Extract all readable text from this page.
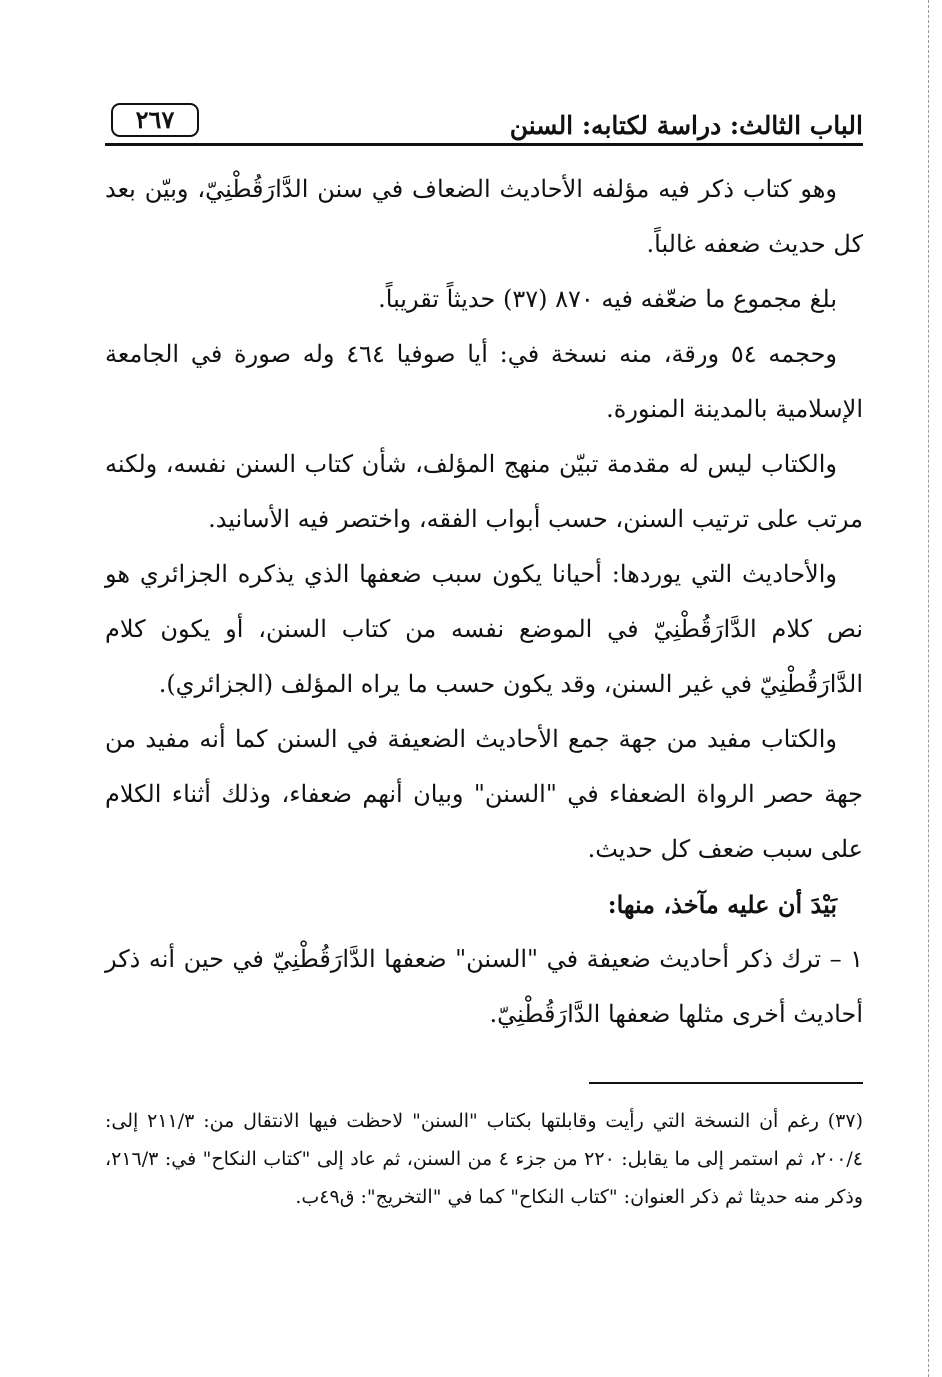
الباب الثالث: دراسة لكتابه: السنن
٢٦٧

وهو كتاب ذكر فيه مؤلفه الأحاديث الضعاف في سنن الدَّارَقُطْنِيّ، وبيّن بعد كل حديث ضعفه غالباً.

بلغ مجموع ما ضعّفه فيه ٨٧٠ (٣٧) حديثاً تقريباً.

وحجمه ٥٤ ورقة، منه نسخة في: أيا صوفيا ٤٦٤ وله صورة في الجامعة الإسلامية بالمدينة المنورة.

والكتاب ليس له مقدمة تبيّن منهج المؤلف، شأن كتاب السنن نفسه، ولكنه مرتب على ترتيب السنن، حسب أبواب الفقه، واختصر فيه الأسانيد.

والأحاديث التي يوردها: أحيانا يكون سبب ضعفها الذي يذكره الجزائري هو نص كلام الدَّارَقُطْنِيّ في الموضع نفسه من كتاب السنن، أو يكون كلام الدَّارَقُطْنِيّ في غير السنن، وقد يكون حسب ما يراه المؤلف (الجزائري).

والكتاب مفيد من جهة جمع الأحاديث الضعيفة في السنن كما أنه مفيد من جهة حصر الرواة الضعفاء في "السنن" وبيان أنهم ضعفاء، وذلك أثناء الكلام على سبب ضعف كل حديث.

بَيْدَ أن عليه مآخذ، منها:

١ – ترك ذكر أحاديث ضعيفة في "السنن" ضعفها الدَّارَقُطْنِيّ في حين أنه ذكر أحاديث أخرى مثلها ضعفها الدَّارَقُطْنِيّ.

(٣٧) رغم أن النسخة التي رأيت وقابلتها بكتاب "السنن" لاحظت فيها الانتقال من: ٢١١/٣ إلى: ٢٠٠/٤، ثم استمر إلى ما يقابل: ٢٢٠ من جزء ٤ من السنن، ثم عاد إلى "كتاب النكاح" في: ٢١٦/٣، وذكر منه حديثا ثم ذكر العنوان: "كتاب النكاح" كما في "التخريج": ق٤٩ب.
